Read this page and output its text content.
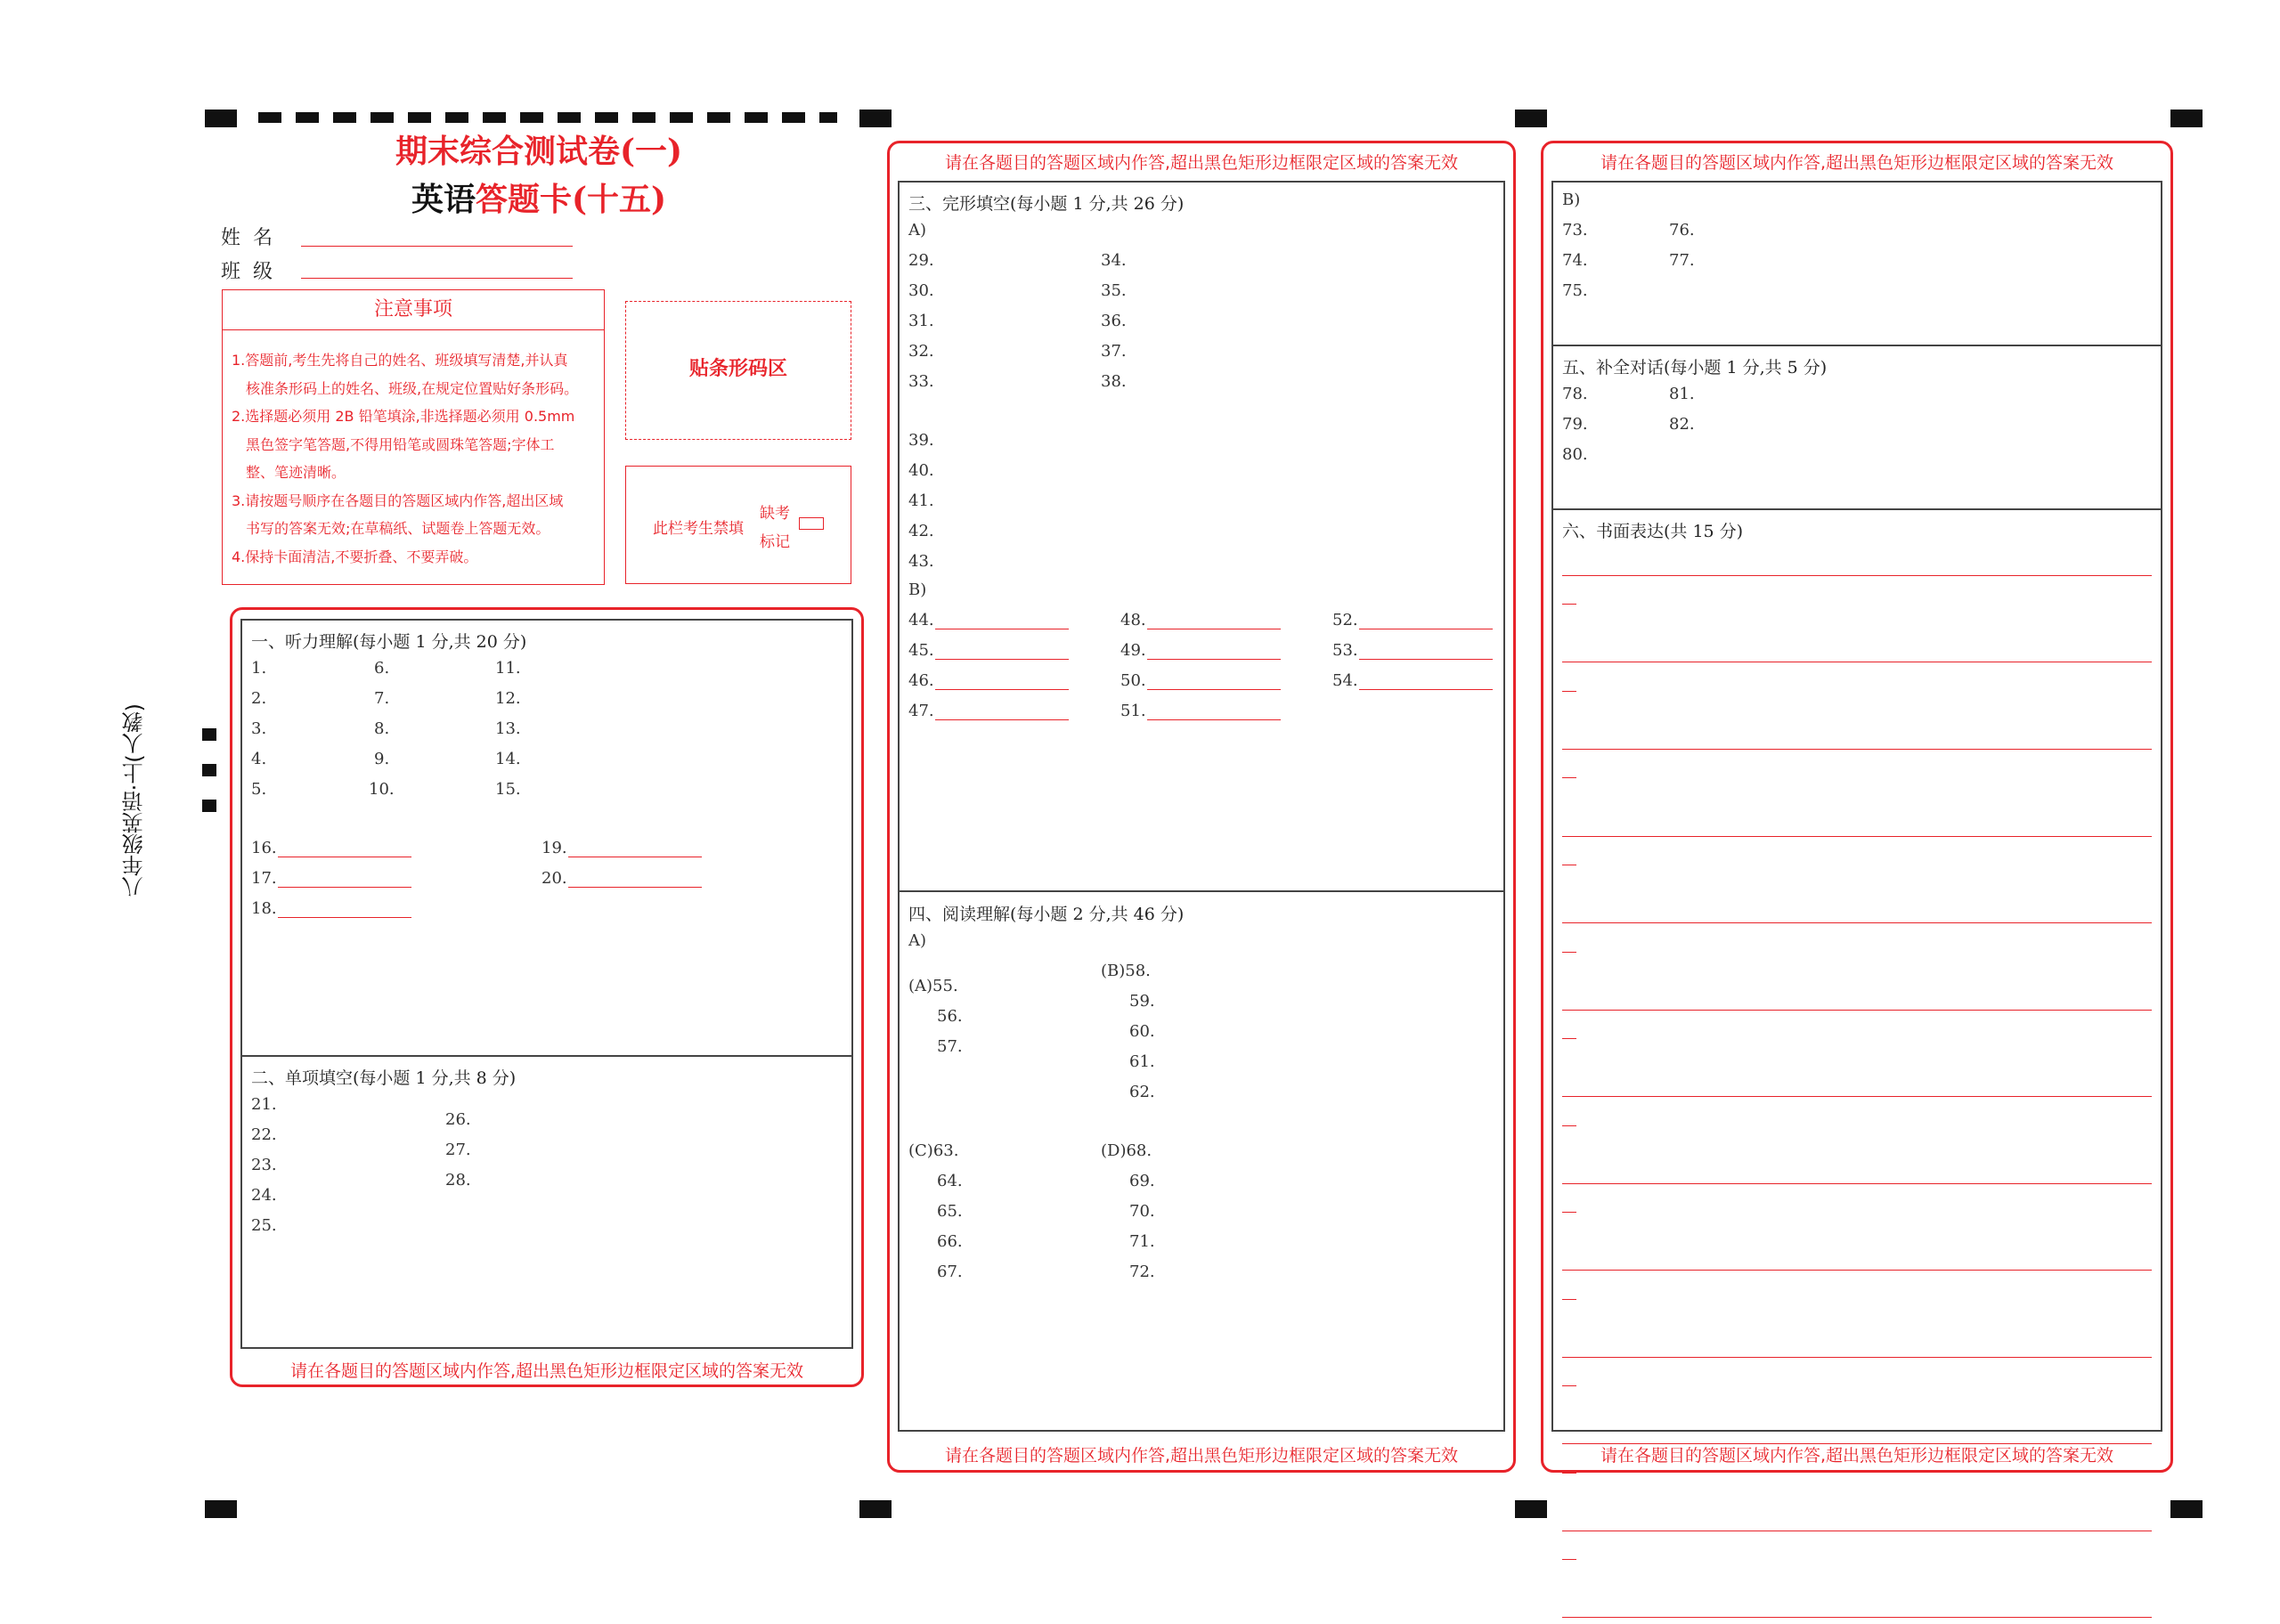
八年级英语·上(人教)
期末综合测试卷(一)
英语答题卡(十五)
姓  名
班  级
注意事项
1.答题前,考生先将自己的姓名、班级填写清楚,并认真
核准条形码上的姓名、班级,在规定位置贴好条形码。
2.选择题必须用 2B 铅笔填涂,非选择题必须用 0.5mm
黑色签字笔答题,不得用铅笔或圆珠笔答题;字体工
整、笔迹清晰。
3.请按题号顺序在各题目的答题区域内作答,超出区域
书写的答案无效;在草稿纸、试题卷上答题无效。
4.保持卡面清洁,不要折叠、不要弄破。
贴条形码区
此栏考生禁填
缺考
标记
一、听力理解(每小题 1 分,共 20 分)
1.
2.
3.
4.
5.
6.
7.
8.
9.
10.
11.
12.
13.
14.
15.
16.
17.
18.
19.
20.
二、单项填空(每小题 1 分,共 8 分)
21.
22.
23.
24.
25.
26.
27.
28.
请在各题目的答题区域内作答,超出黑色矩形边框限定区域的答案无效
请在各题目的答题区域内作答,超出黑色矩形边框限定区域的答案无效
三、完形填空(每小题 1 分,共 26 分)
A)
29.
30.
31.
32.
33.
34.
35.
36.
37.
38.
39.
40.
41.
42.
43.
B)
44.
45.
46.
47.
48.
49.
50.
51.
52.
53.
54.
四、阅读理解(每小题 2 分,共 46 分)
A)
(A)55.
56.
57.
(B)58.
59.
60.
61.
62.
(C)63.
64.
65.
66.
67.
(D)68.
69.
70.
71.
72.
请在各题目的答题区域内作答,超出黑色矩形边框限定区域的答案无效
请在各题目的答题区域内作答,超出黑色矩形边框限定区域的答案无效
B)
73.
74.
75.
76.
77.
五、补全对话(每小题 1 分,共 5 分)
78.
79.
80.
81.
82.
六、书面表达(共 15 分)
请在各题目的答题区域内作答,超出黑色矩形边框限定区域的答案无效
